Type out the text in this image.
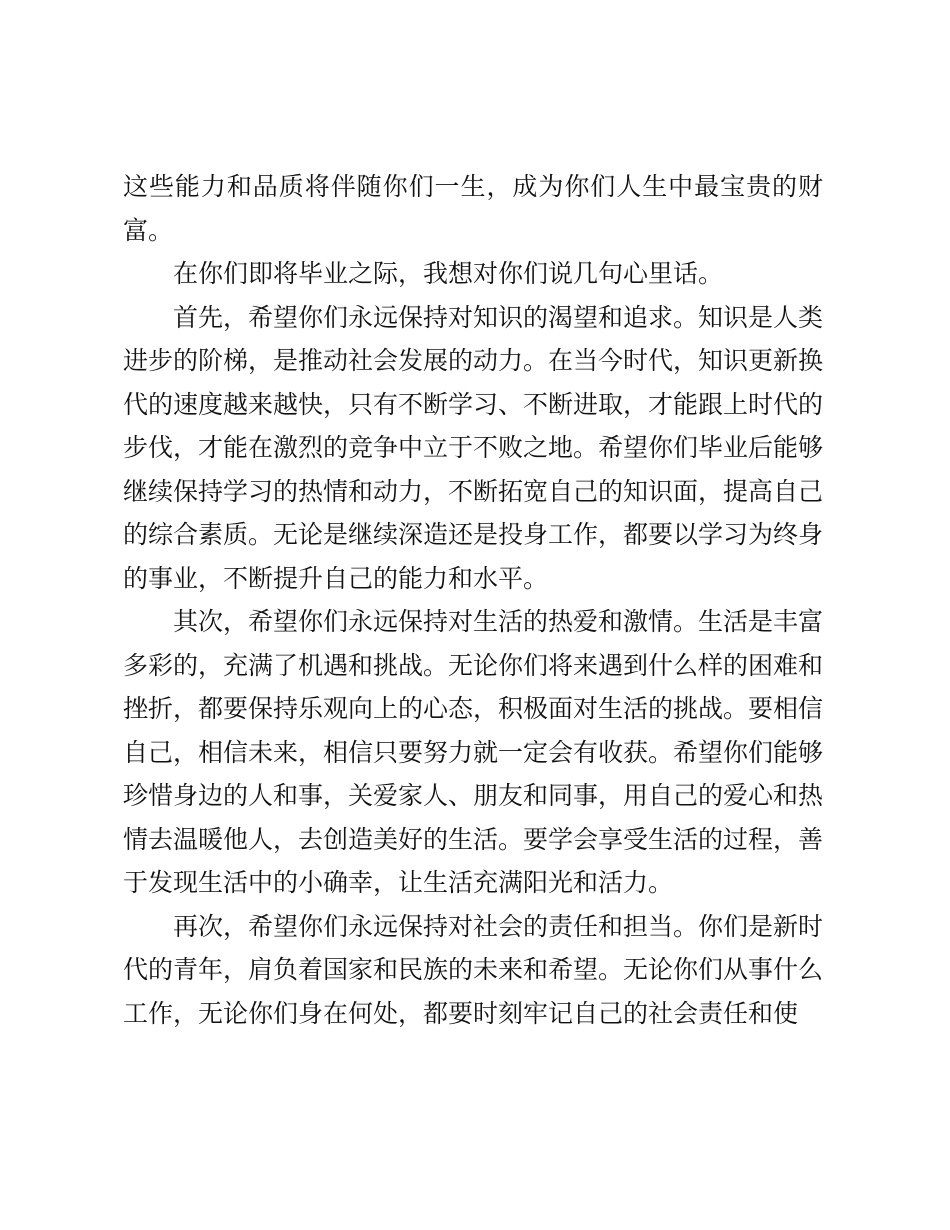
这些能力和品质将伴随你们一生，成为你们人生中最宝贵的财富。

在你们即将毕业之际，我想对你们说几句心里话。

首先，希望你们永远保持对知识的渴望和追求。知识是人类进步的阶梯，是推动社会发展的动力。在当今时代，知识更新换代的速度越来越快，只有不断学习、不断进取，才能跟上时代的步伐，才能在激烈的竞争中立于不败之地。希望你们毕业后能够继续保持学习的热情和动力，不断拓宽自己的知识面，提高自己的综合素质。无论是继续深造还是投身工作，都要以学习为终身的事业，不断提升自己的能力和水平。

其次，希望你们永远保持对生活的热爱和激情。生活是丰富多彩的，充满了机遇和挑战。无论你们将来遇到什么样的困难和挫折，都要保持乐观向上的心态，积极面对生活的挑战。要相信自己，相信未来，相信只要努力就一定会有收获。希望你们能够珍惜身边的人和事，关爱家人、朋友和同事，用自己的爱心和热情去温暖他人，去创造美好的生活。要学会享受生活的过程，善于发现生活中的小确幸，让生活充满阳光和活力。

再次，希望你们永远保持对社会的责任和担当。你们是新时代的青年，肩负着国家和民族的未来和希望。无论你们从事什么工作，无论你们身在何处，都要时刻牢记自己的社会责任和使
